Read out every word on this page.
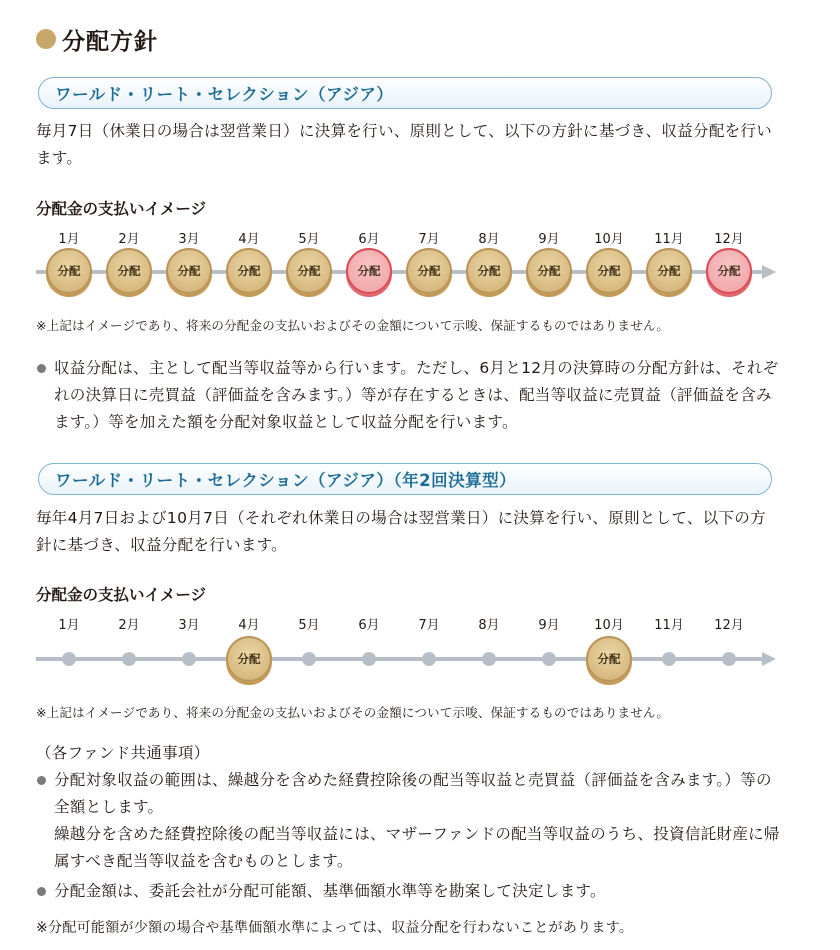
分配方針
ワールド・リート・セレクション（アジア）
毎月7日（休業日の場合は翌営業日）に決算を行い、原則として、以下の方針に基づき、収益分配を行います。
分配金の支払いイメージ
1月
分配
2月
分配
3月
分配
4月
分配
5月
分配
6月
分配
7月
分配
8月
分配
9月
分配
10月
分配
11月
分配
12月
分配
※上記はイメージであり、将来の分配金の支払いおよびその金額について示唆、保証するものではありません。
収益分配は、主として配当等収益等から行います。ただし、6月と12月の決算時の分配方針は、それぞれの決算日に売買益（評価益を含みます。）等が存在するときは、配当等収益に売買益（評価益を含みます。）等を加えた額を分配対象収益として収益分配を行います。
ワールド・リート・セレクション（アジア）（年2回決算型）
毎年4月7日および10月7日（それぞれ休業日の場合は翌営業日）に決算を行い、原則として、以下の方針に基づき、収益分配を行います。
分配金の支払いイメージ
1月	2月	3月	4月
分配
5月	6月	7月	8月	9月	10月
分配
11月	12月
※上記はイメージであり、将来の分配金の支払いおよびその金額について示唆、保証するものではありません。
（各ファンド共通事項）
分配対象収益の範囲は、繰越分を含めた経費控除後の配当等収益と売買益（評価益を含みます。）等の全額とします。
繰越分を含めた経費控除後の配当等収益には、マザーファンドの配当等収益のうち、投資信託財産に帰属すべき配当等収益を含むものとします。
分配金額は、委託会社が分配可能額、基準価額水準等を勘案して決定します。
※分配可能額が少額の場合や基準価額水準によっては、収益分配を行わないことがあります。
